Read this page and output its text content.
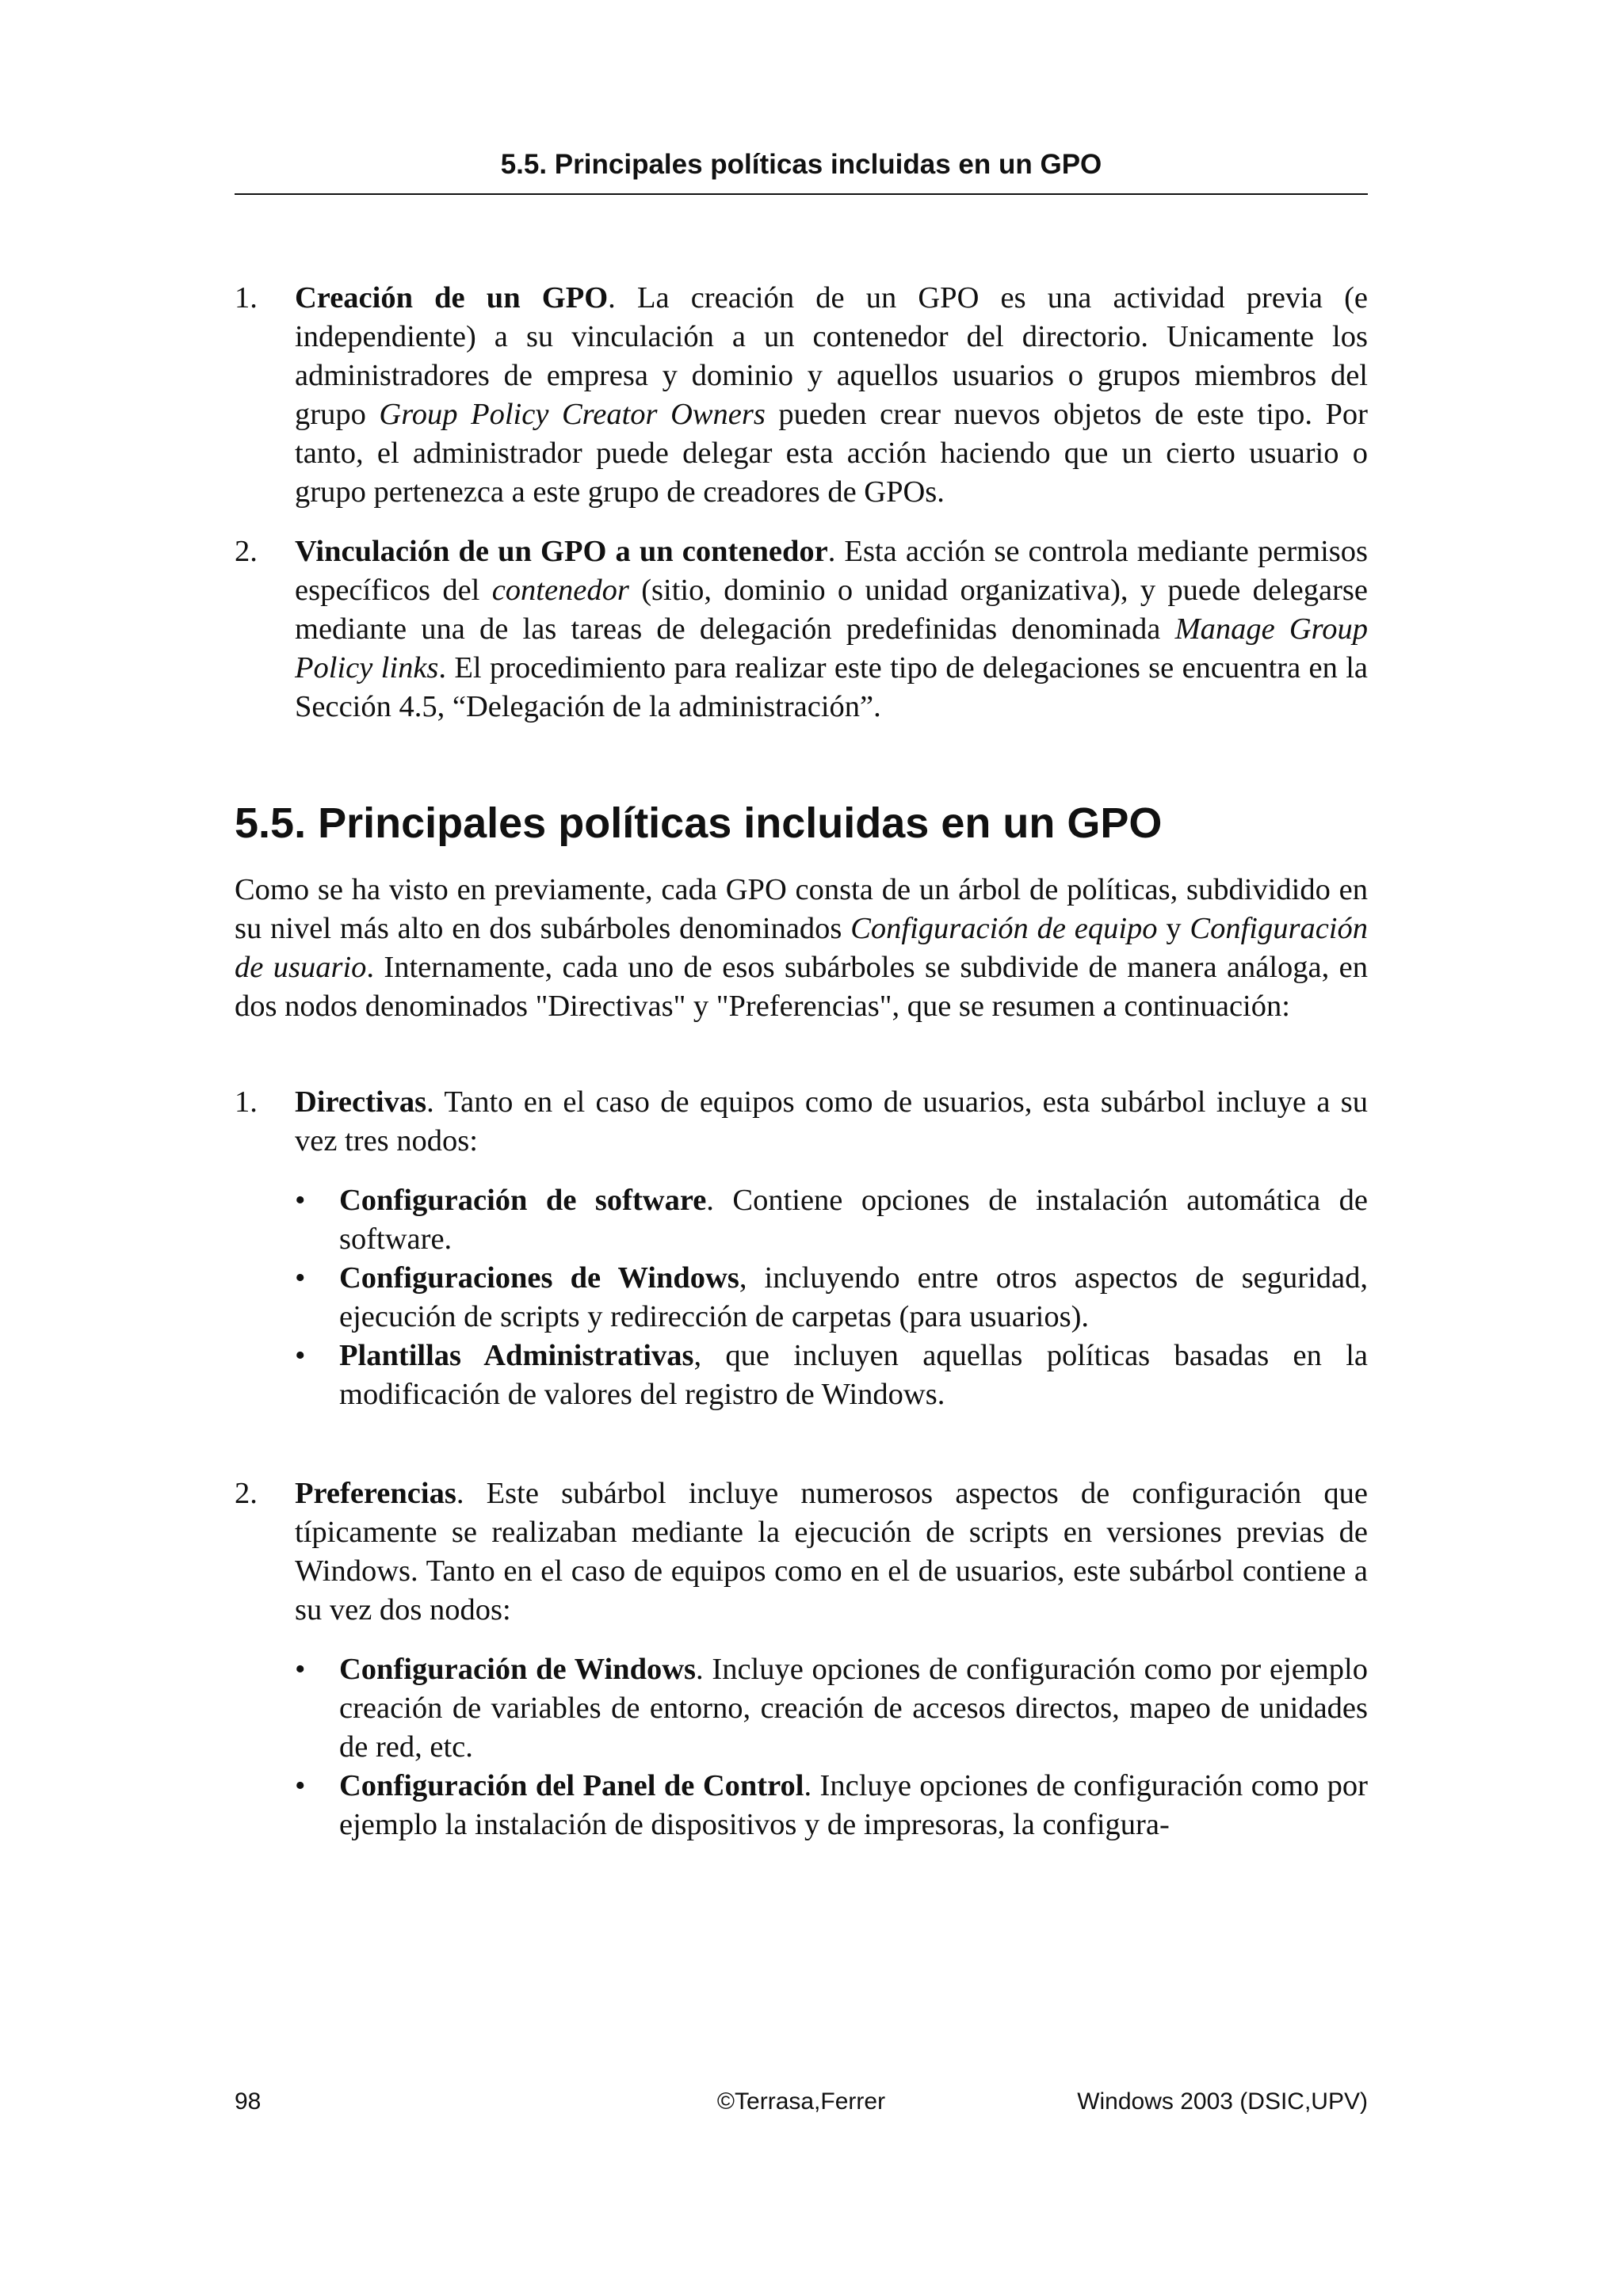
5.5. Principales políticas incluidas en un GPO
1. Creación de un GPO. La creación de un GPO es una actividad previa (e independiente) a su vinculación a un contenedor del directorio. Unicamente los administradores de empresa y dominio y aquellos usuarios o grupos miembros del grupo Group Policy Creator Owners pueden crear nuevos objetos de este tipo. Por tanto, el administrador puede delegar esta acción haciendo que un cierto usuario o grupo pertenezca a este grupo de creadores de GPOs.
2. Vinculación de un GPO a un contenedor. Esta acción se controla mediante permisos específicos del contenedor (sitio, dominio o unidad organizativa), y puede delegarse mediante una de las tareas de delegación predefinidas denominada Manage Group Policy links. El procedimiento para realizar este tipo de delegaciones se encuentra en la Sección 4.5, “Delegación de la administración”.
5.5. Principales políticas incluidas en un GPO

Como se ha visto en previamente, cada GPO consta de un árbol de políticas, subdividido en su nivel más alto en dos subárboles denominados Configuración de equipo y Configuración de usuario. Internamente, cada uno de esos subárboles se subdivide de manera análoga, en dos nodos denominados "Directivas" y "Preferencias", que se resumen a continuación:

1. Directivas. Tanto en el caso de equipos como de usuarios, esta subárbol incluye a su vez tres nodos:
• Configuración de software. Contiene opciones de instalación automática de software.
• Configuraciones de Windows, incluyendo entre otros aspectos de seguridad, ejecución de scripts y redirección de carpetas (para usuarios).
• Plantillas Administrativas, que incluyen aquellas políticas basadas en la modificación de valores del registro de Windows.
2. Preferencias. Este subárbol incluye numerosos aspectos de configuración que típicamente se realizaban mediante la ejecución de scripts en versiones previas de Windows. Tanto en el caso de equipos como en el de usuarios, este subárbol contiene a su vez dos nodos:
• Configuración de Windows. Incluye opciones de configuración como por ejemplo creación de variables de entorno, creación de accesos directos, mapeo de unidades de red, etc.
• Configuración del Panel de Control. Incluye opciones de configuración como por ejemplo la instalación de dispositivos y de impresoras, la configura-
98	©Terrasa,Ferrer	Windows 2003 (DSIC,UPV)
